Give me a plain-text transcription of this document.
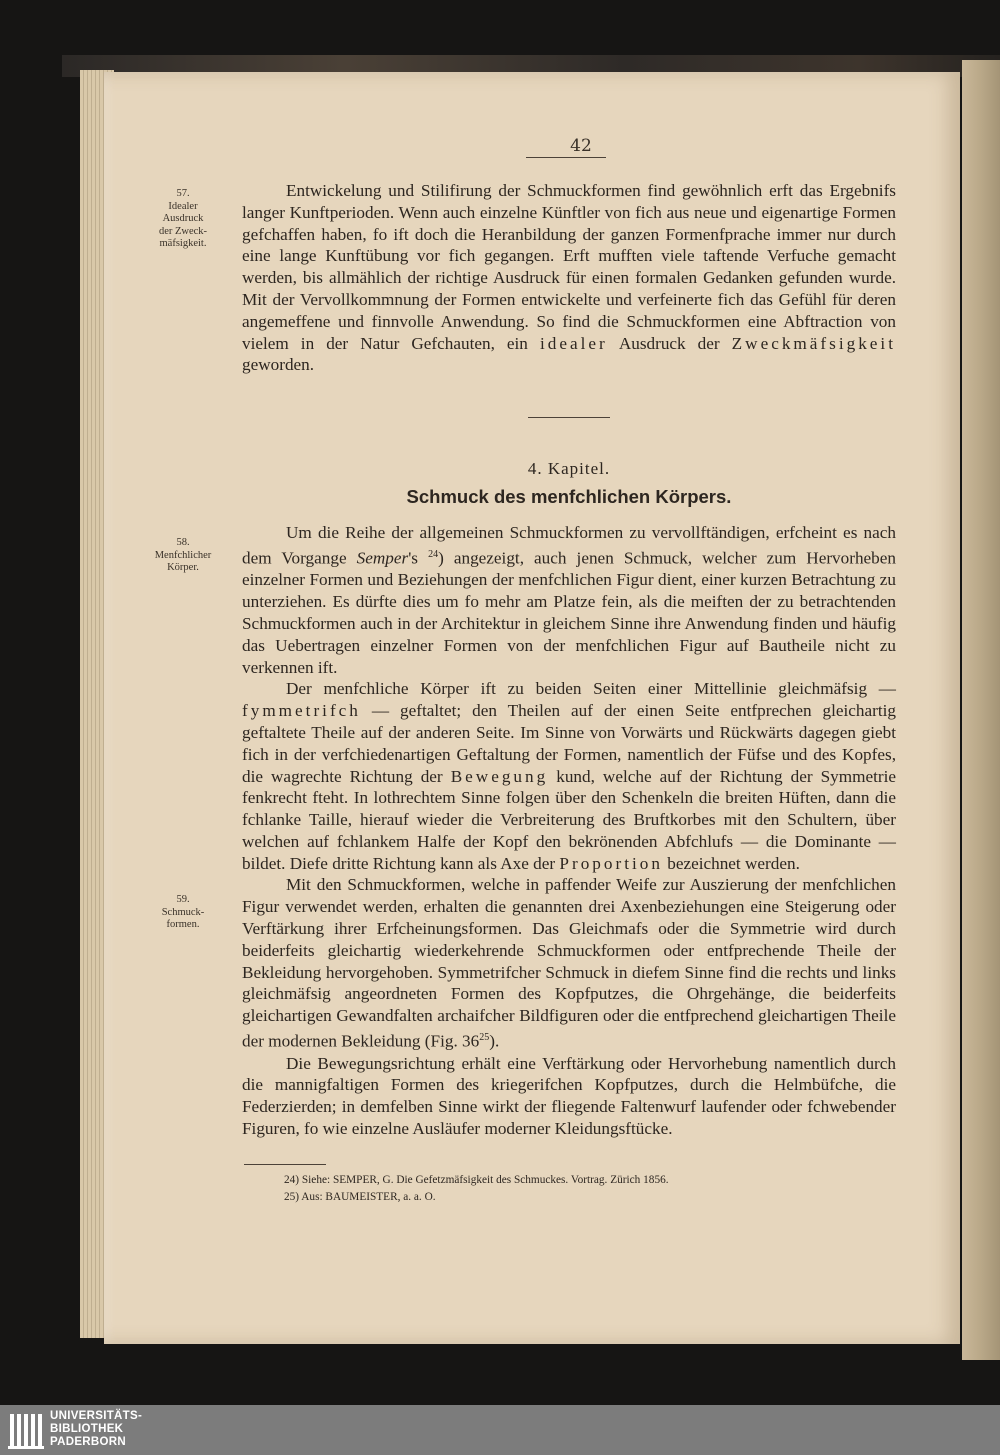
42
57.
Idealer
Ausdruck
der Zweck-
mäfsigkeit.
58.
Menfchlicher
Körper.
59.
Schmuck-
formen.

Entwickelung und Stilifirung der Schmuckformen find gewöhnlich erft das Ergebnifs langer Kunftperioden. Wenn auch einzelne Künftler von fich aus neue und eigenartige Formen gefchaffen haben, fo ift doch die Heranbildung der ganzen Formenfprache immer nur durch eine lange Kunftübung vor fich gegangen. Erft mufften viele taftende Verfuche gemacht werden, bis allmählich der richtige Ausdruck für einen formalen Gedanken gefunden wurde. Mit der Vervollkommnung der Formen entwickelte und verfeinerte fich das Gefühl für deren angemeffene und finnvolle Anwendung. So find die Schmuckformen eine Abftraction von vielem in der Natur Gefchauten, ein idealer Ausdruck der Zweckmäfsigkeit geworden.

4. Kapitel.
Schmuck des menfchlichen Körpers.

Um die Reihe der allgemeinen Schmuckformen zu vervollftändigen, erfcheint es nach dem Vorgange Semper's $^{24}$) angezeigt, auch jenen Schmuck, welcher zum Hervorheben einzelner Formen und Beziehungen der menfchlichen Figur dient, einer kurzen Betrachtung zu unterziehen. Es dürfte dies um fo mehr am Platze fein, als die meiften der zu betrachtenden Schmuckformen auch in der Architektur in gleichem Sinne ihre Anwendung finden und häufig das Uebertragen einzelner Formen von der menfchlichen Figur auf Bautheile nicht zu verkennen ift.

Der menfchliche Körper ift zu beiden Seiten einer Mittellinie gleichmäfsig — fymmetrifch — geftaltet; den Theilen auf der einen Seite entfprechen gleichartig geftaltete Theile auf der anderen Seite. Im Sinne von Vorwärts und Rückwärts dagegen giebt fich in der verfchiedenartigen Geftaltung der Formen, namentlich der Füfse und des Kopfes, die wagrechte Richtung der Bewegung kund, welche auf der Richtung der Symmetrie fenkrecht fteht. In lothrechtem Sinne folgen über den Schenkeln die breiten Hüften, dann die fchlanke Taille, hierauf wieder die Verbreiterung des Bruftkorbes mit den Schultern, über welchen auf fchlankem Halfe der Kopf den bekrönenden Abfchlufs — die Dominante — bildet. Diefe dritte Richtung kann als Axe der Proportion bezeichnet werden.

Mit den Schmuckformen, welche in paffender Weife zur Auszierung der menfchlichen Figur verwendet werden, erhalten die genannten drei Axenbeziehungen eine Steigerung oder Verftärkung ihrer Erfcheinungsformen. Das Gleichmafs oder die Symmetrie wird durch beiderfeits gleichartig wiederkehrende Schmuckformen oder entfprechende Theile der Bekleidung hervorgehoben. Symmetrifcher Schmuck in diefem Sinne find die rechts und links gleichmäfsig angeordneten Formen des Kopfputzes, die Ohrgehänge, die beiderfeits gleichartigen Gewandfalten archaifcher Bildfiguren oder die entfprechend gleichartigen Theile der modernen Bekleidung (Fig. $36^{25}$).

Die Bewegungsrichtung erhält eine Verftärkung oder Hervorhebung namentlich durch die mannigfaltigen Formen des kriegerifchen Kopfputzes, durch die Helmbüfche, die Federzierden; in demfelben Sinne wirkt der fliegende Faltenwurf laufender oder fchwebender Figuren, fo wie einzelne Ausläufer moderner Kleidungsftücke.

24) Siehe: SEMPER, G. Die Gefetzmäfsigkeit des Schmuckes. Vortrag. Zürich 1856.
25) Aus: BAUMEISTER, a. a. O.
UNIVERSITÄTS-
BIBLIOTHEK
PADERBORN
